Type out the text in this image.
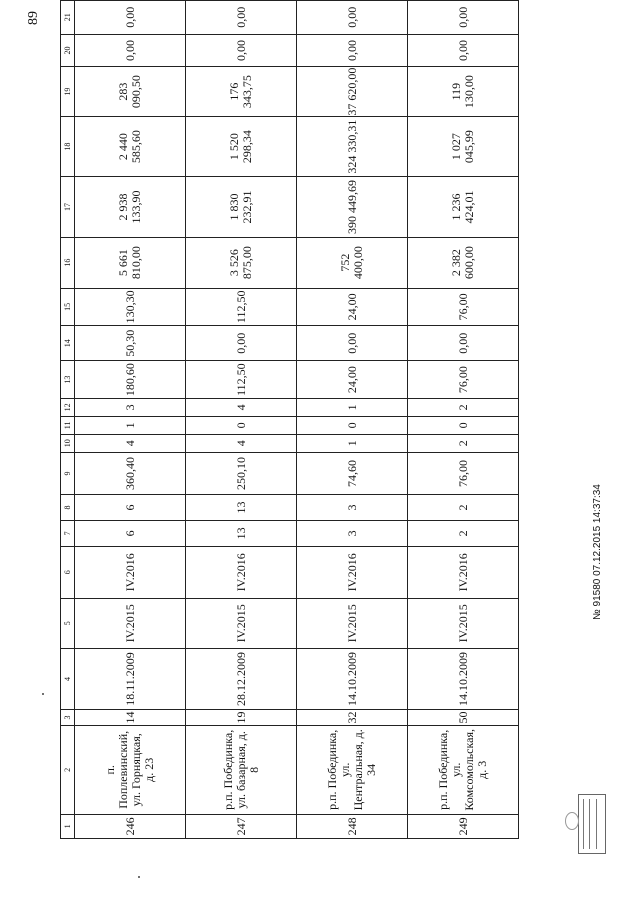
1	2	3	4	5	6	7	8	9	10	11	12	13	14	15	16	17	18	19	20	21
246	п. Поплевинский, ул. Горняцкая, д. 23	14	18.11.2009	IV.2015	IV.2016	6	6	360,40	4	1	3	180,60	50,30	130,30	5 661 810,00	2 938 133,90	2 440 585,60	283 090,50	0,00	0,00
247	р.п. Побединка, ул. базарная, д. 8	19	28.12.2009	IV.2015	IV.2016	13	13	250,10	4	0	4	112,50	0,00	112,50	3 526 875,00	1 830 232,91	1 520 298,34	176 343,75	0,00	0,00
248	р.п. Побединка, ул. Центральная, д. 34	32	14.10.2009	IV.2015	IV.2016	3	3	74,60	1	0	1	24,00	0,00	24,00	752 400,00	390 449,69	324 330,31	37 620,00	0,00	0,00
249	р.п. Побединка, ул. Комсомольская, д. 3	50	14.10.2009	IV.2015	IV.2016	2	2	76,00	2	0	2	76,00	0,00	76,00	2 382 600,00	1 236 424,01	1 027 045,99	119 130,00	0,00	0,00
89
№ 91580 07.12.2015 14:37:34
